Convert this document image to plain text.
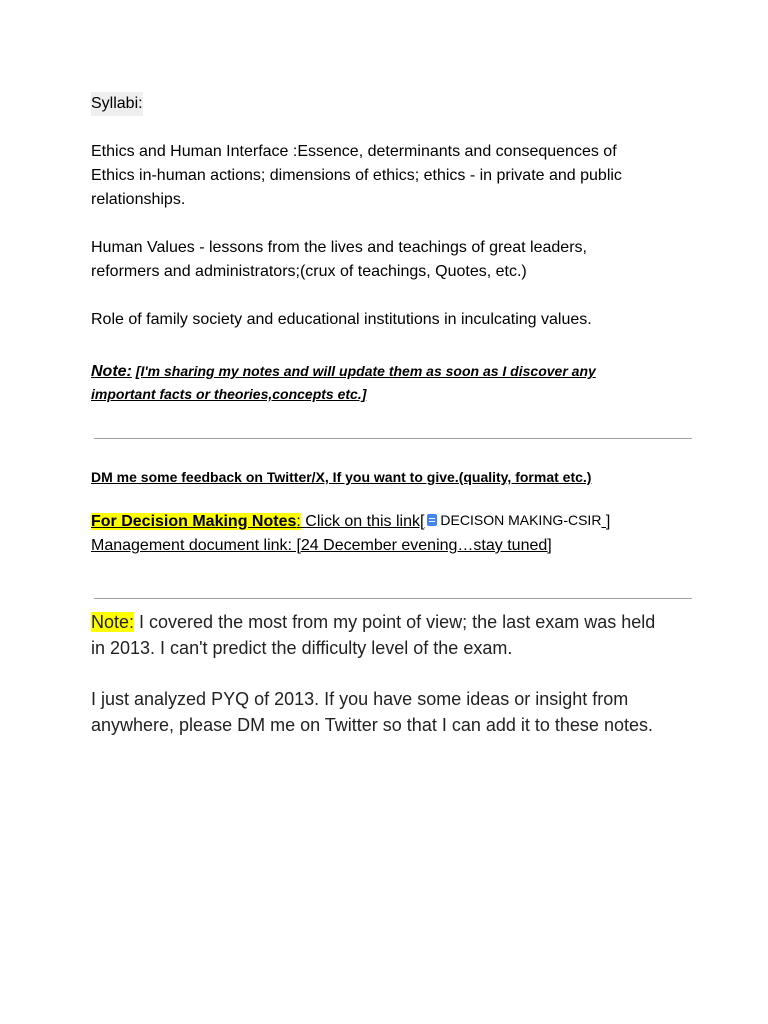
Syllabi:

Ethics and Human Interface :Essence, determinants and consequences of

Ethics in-human actions; dimensions of ethics; ethics - in private and public

relationships.

Human Values - lessons from the lives and teachings of great leaders,

reformers and administrators;(crux of teachings, Quotes, etc.)

Role of family society and educational institutions in inculcating values.

Note: [I'm sharing my notes and will update them as soon as I discover any
important facts or theories,concepts etc.]
DM me some feedback on Twitter/X, If you want to give.(quality, format etc.)
For Decision Making Notes: Click on this link[ DECISON MAKING-CSIR ]
Management document link: [24 December evening…stay tuned]
Note: I covered the most from my point of view; the last exam was held
in 2013. I can't predict the difficulty level of the exam.
I just analyzed PYQ of 2013. If you have some ideas or insight from
anywhere, please DM me on Twitter so that I can add it to these notes.
